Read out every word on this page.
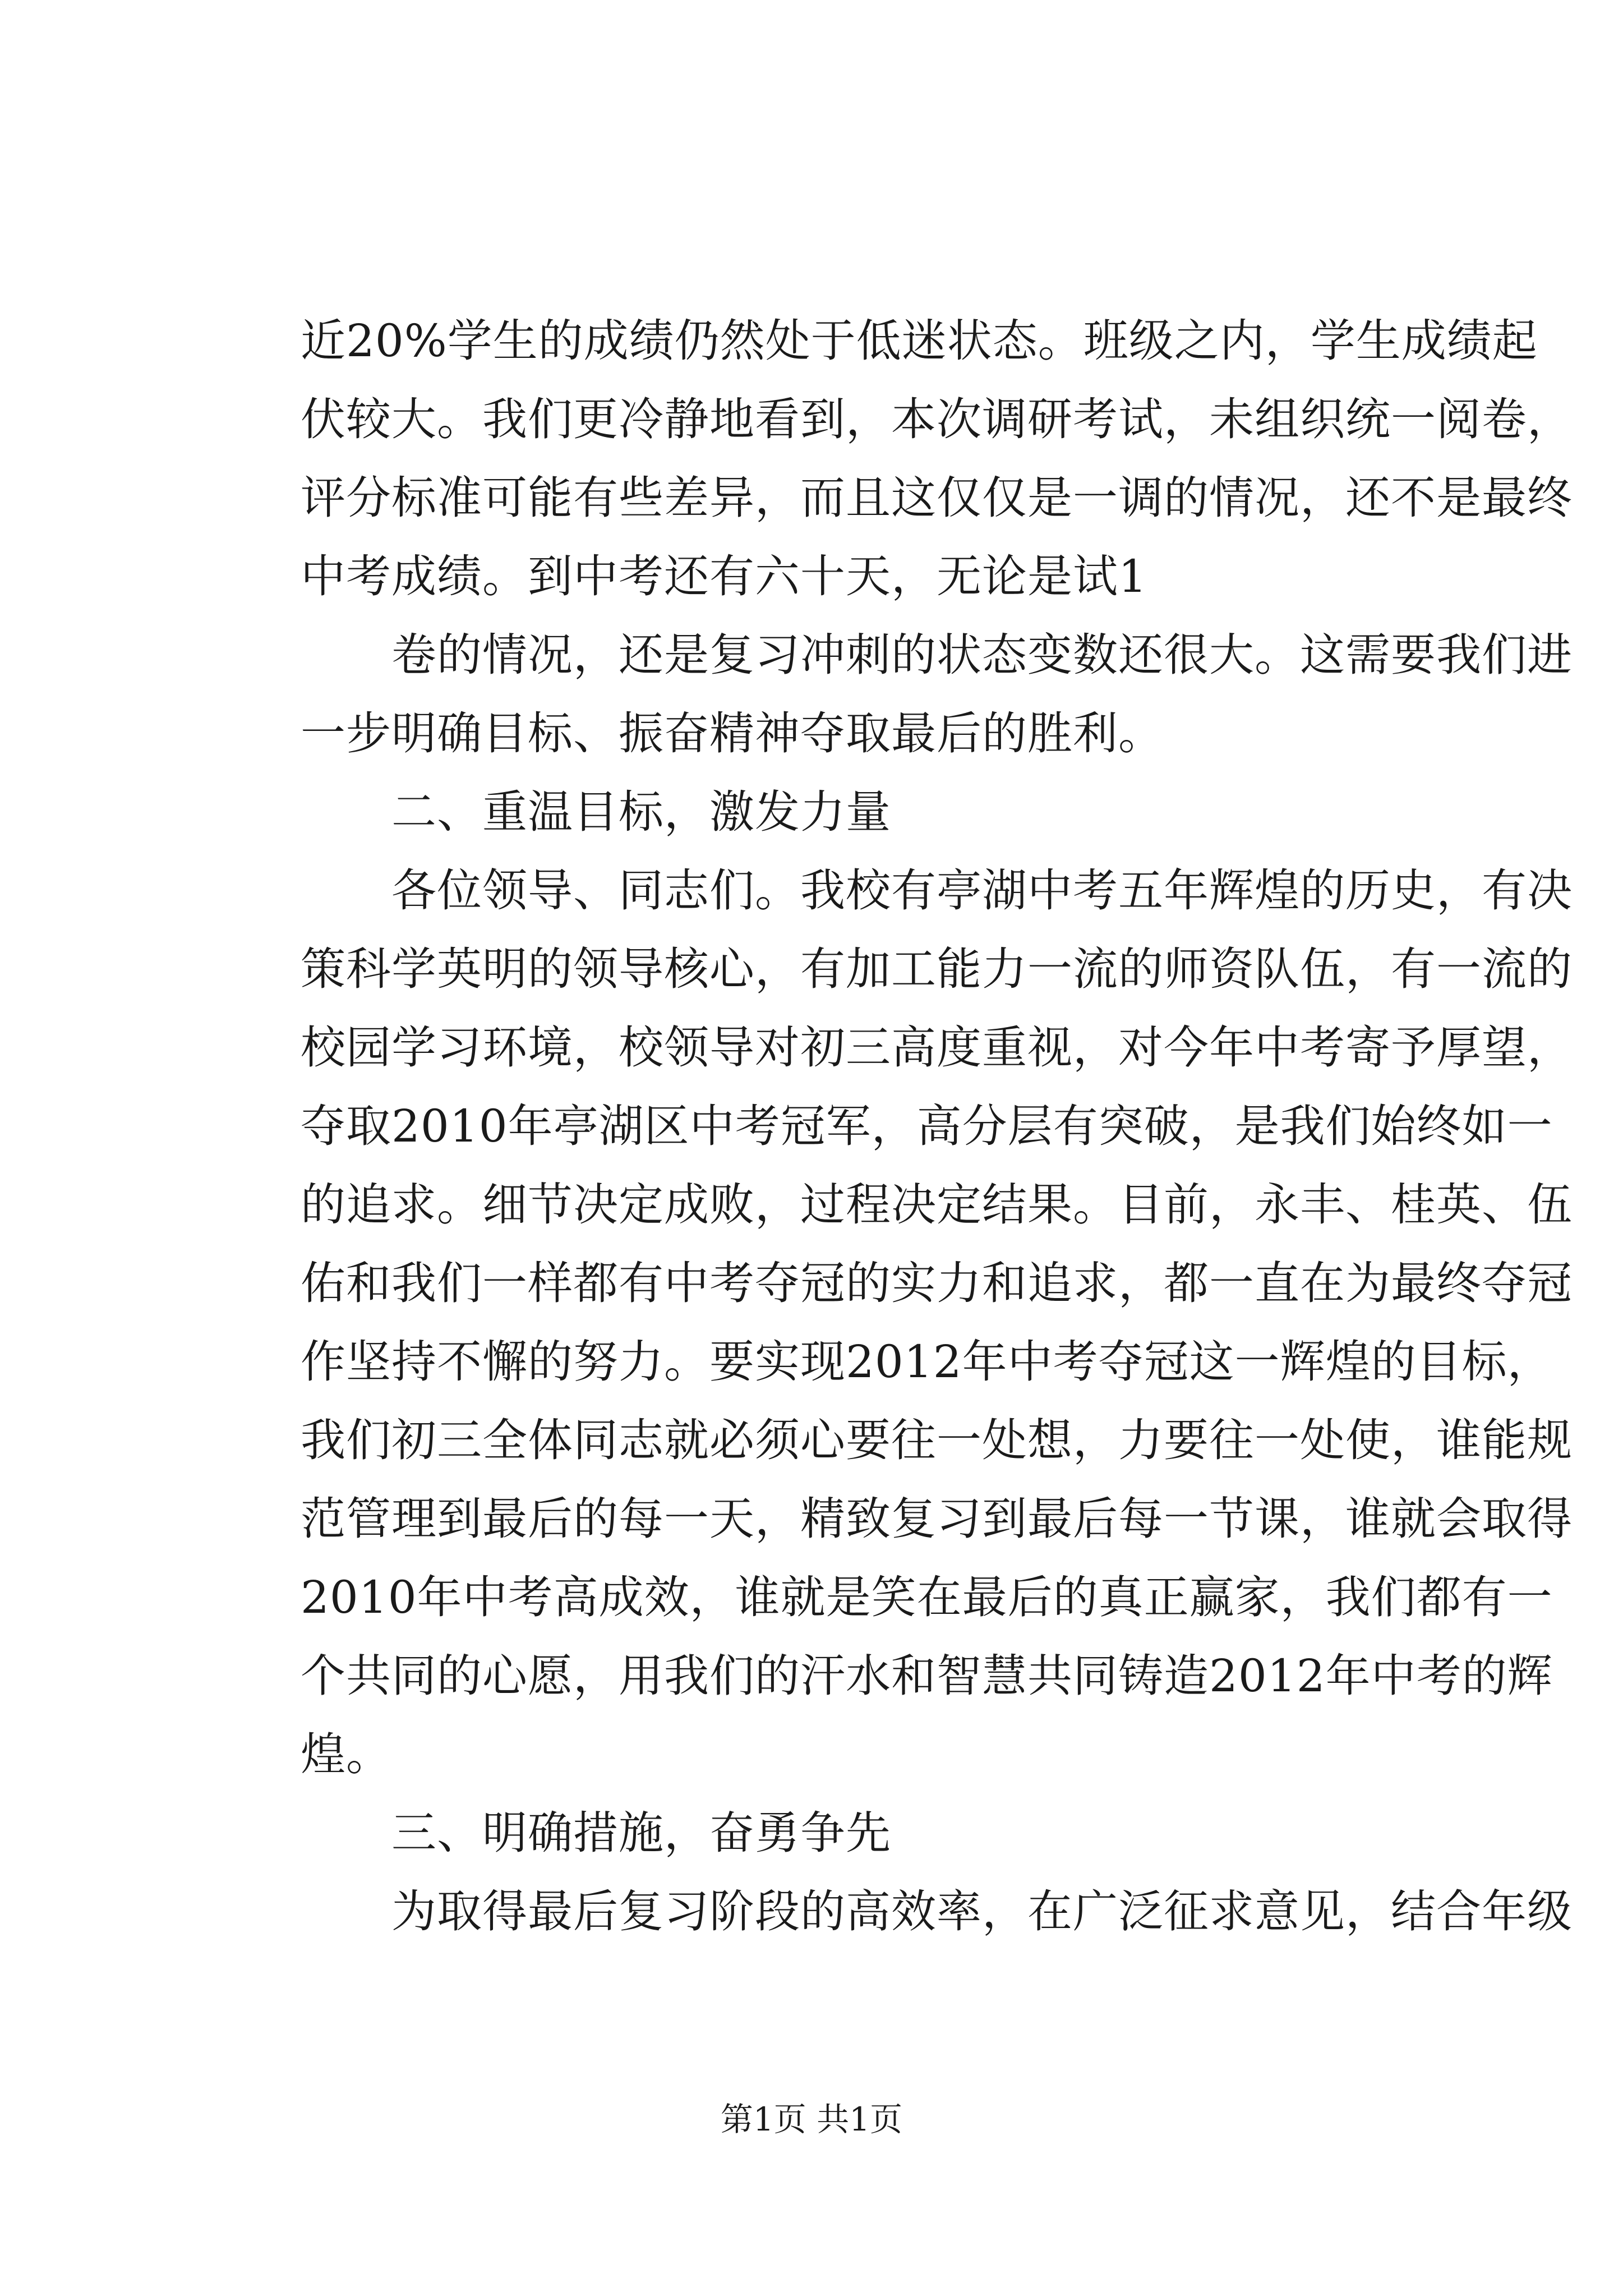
近20%学生的成绩仍然处于低迷状态。班级之内，学生成绩起
伏较大。我们更冷静地看到，本次调研考试，未组织统一阅卷，
评分标准可能有些差异，而且这仅仅是一调的情况，还不是最终
中考成绩。到中考还有六十天，无论是试1
　　卷的情况，还是复习冲刺的状态变数还很大。这需要我们进
一步明确目标、振奋精神夺取最后的胜利。
　　二、重温目标，激发力量
　　各位领导、同志们。我校有亭湖中考五年辉煌的历史，有决
策科学英明的领导核心，有加工能力一流的师资队伍，有一流的
校园学习环境，校领导对初三高度重视，对今年中考寄予厚望，
夺取2010年亭湖区中考冠军，高分层有突破，是我们始终如一
的追求。细节决定成败，过程决定结果。目前，永丰、桂英、伍
佑和我们一样都有中考夺冠的实力和追求，都一直在为最终夺冠
作坚持不懈的努力。要实现2012年中考夺冠这一辉煌的目标，
我们初三全体同志就必须心要往一处想，力要往一处使，谁能规
范管理到最后的每一天，精致复习到最后每一节课，谁就会取得
2010年中考高成效，谁就是笑在最后的真正赢家，我们都有一
个共同的心愿，用我们的汗水和智慧共同铸造2012年中考的辉
煌。
　　三、明确措施，奋勇争先
　　为取得最后复习阶段的高效率，在广泛征求意见，结合年级
第1页 共1页
